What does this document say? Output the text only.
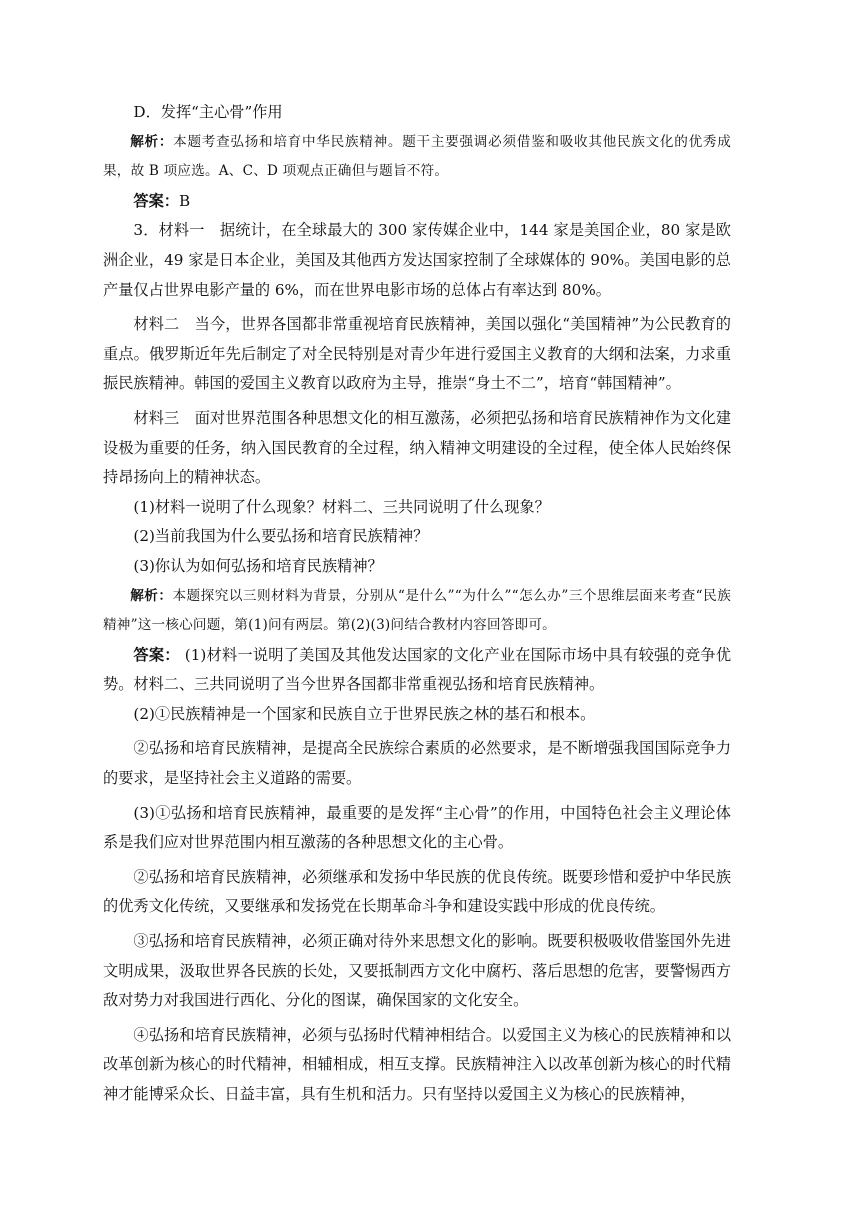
D．发挥“主心骨”作用

解析：本题考查弘扬和培育中华民族精神。题干主要强调必须借鉴和吸收其他民族文化的优秀成果，故 B 项应选。A、C、D 项观点正确但与题旨不符。

答案：B

3．材料一　据统计，在全球最大的 300 家传媒企业中，144 家是美国企业，80 家是欧洲企业，49 家是日本企业，美国及其他西方发达国家控制了全球媒体的 90%。美国电影的总产量仅占世界电影产量的 6%，而在世界电影市场的总体占有率达到 80%。

材料二　当今，世界各国都非常重视培育民族精神，美国以强化“美国精神”为公民教育的重点。俄罗斯近年先后制定了对全民特别是对青少年进行爱国主义教育的大纲和法案，力求重振民族精神。韩国的爱国主义教育以政府为主导，推崇“身土不二”，培育“韩国精神”。

材料三　面对世界范围各种思想文化的相互激荡，必须把弘扬和培育民族精神作为文化建设极为重要的任务，纳入国民教育的全过程，纳入精神文明建设的全过程，使全体人民始终保持昂扬向上的精神状态。

(1)材料一说明了什么现象？材料二、三共同说明了什么现象？

(2)当前我国为什么要弘扬和培育民族精神？

(3)你认为如何弘扬和培育民族精神？

解析：本题探究以三则材料为背景，分别从“是什么”“为什么”“怎么办”三个思维层面来考查“民族精神”这一核心问题，第(1)问有两层。第(2)(3)问结合教材内容回答即可。

答案： (1)材料一说明了美国及其他发达国家的文化产业在国际市场中具有较强的竞争优势。材料二、三共同说明了当今世界各国都非常重视弘扬和培育民族精神。

(2)①民族精神是一个国家和民族自立于世界民族之林的基石和根本。

②弘扬和培育民族精神，是提高全民族综合素质的必然要求，是不断增强我国国际竞争力的要求，是坚持社会主义道路的需要。

(3)①弘扬和培育民族精神，最重要的是发挥“主心骨”的作用，中国特色社会主义理论体系是我们应对世界范围内相互激荡的各种思想文化的主心骨。

②弘扬和培育民族精神，必须继承和发扬中华民族的优良传统。既要珍惜和爱护中华民族的优秀文化传统，又要继承和发扬党在长期革命斗争和建设实践中形成的优良传统。

③弘扬和培育民族精神，必须正确对待外来思想文化的影响。既要积极吸收借鉴国外先进文明成果，汲取世界各民族的长处，又要抵制西方文化中腐朽、落后思想的危害，要警惕西方敌对势力对我国进行西化、分化的图谋，确保国家的文化安全。

④弘扬和培育民族精神，必须与弘扬时代精神相结合。以爱国主义为核心的民族精神和以改革创新为核心的时代精神，相辅相成，相互支撑。民族精神注入以改革创新为核心的时代精神才能博采众长、日益丰富，具有生机和活力。只有坚持以爱国主义为核心的民族精神，
